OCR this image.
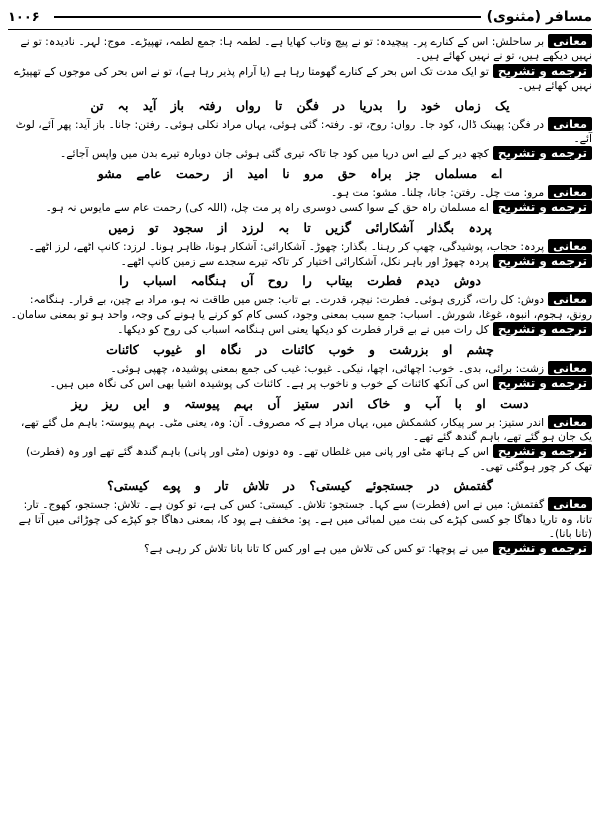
۱۰۰۶	مسافر (مثنوی)
معانیبر ساحلش: اس کے کنارے پر۔ پیچیدہ: تو نے پیچ وتاب کھایا ہے۔ لطمہ ہا: جمع لطمہ، تھپیڑے۔ موج: لہر۔ نادیدہ: تو نے نہیں دیکھے ہیں، تو نے نہیں کھائے ہیں۔
ترجمه و تشریحتو ایک مدت تک اس بحر کے کنارے گھومتا رہا ہے (یا آرام پذیر رہا ہے)، تو نے اس بحر کی موجوں کے تھپیڑے نہیں کھائے ہیں۔
یک زماں خود را بدریا در فگن تا رواں رفتہ باز آید بہ تن
معانیدر فگن: پھینک ڈال، کود جا۔ رواں: روح، تو۔ رفتہ: گئی ہوئی، یہاں مراد نکلی ہوئی۔ رفتن: جانا۔ باز آید: پھر آئے، لوٹ آئے۔
ترجمه و تشریحکچھ دیر کے لیے اس دریا میں کود جا تاکہ تیری گئی ہوئی جان دوبارہ تیرے بدن میں واپس آجائے۔
اے مسلماں جز براہ حق مرو نا امید از رحمت عامے مشو
معانیمرو: مت چل۔ رفتن: جانا، چلنا۔ مشو: مت ہو۔
ترجمه و تشریحاے مسلمان راہ حق کے سوا کسی دوسری راہ پر مت چل، (اللہ کی) رحمت عام سے مایوس نہ ہو۔
پردہ بگذار آشکارائی گزیں تا بہ لرزد از سجود تو زمیں
معانیپردہ: حجاب، پوشیدگی، چھپ کر رہنا۔ بگذار: چھوڑ۔ آشکارائی: آشکار ہونا، ظاہر ہونا۔ لرزد: کانپ اٹھے، لرز اٹھے۔
ترجمه و تشریحپردہ چھوڑ اور باہر نکل، آشکارائی اختیار کر تاکہ تیرے سجدے سے زمین کانپ اٹھے۔
دوش دیدم فطرت بیتاب را روح آں ہنگامہ اسباب را
معانیدوش: کل رات، گزری ہوئی۔ فطرت: نیچر، قدرت۔ بے تاب: جس میں طاقت نہ ہو، مراد بے چین، بے قرار۔ ہنگامہ: رونق، ہجوم، انبوہ، غوغا، شورش۔ اسباب: جمع سبب بمعنی وجود، کسی کام کو کرنے یا ہونے کی وجہ، واحد ہو تو بمعنی سامان۔
ترجمه و تشریحکل رات میں نے بے قرار فطرت کو دیکھا یعنی اس ہنگامہ اسباب کی روح کو دیکھا۔
چشم او بزرشت و خوب کائنات در نگاہ او غیوب کائنات
معانیزشت: برائی، بدی۔ خوب: اچھائی، اچھا، نیکی۔ غیوب: غیب کی جمع بمعنی پوشیدہ، چھپی ہوئی۔
ترجمه و تشریحاس کی آنکھ کائنات کے خوب و ناخوب پر ہے۔ کائنات کی پوشیدہ اشیا بھی اس کی نگاہ میں ہیں۔
دست او با آب و خاک اندر ستیز آں بہم پیوستہ و ایں ریز ریز
معانیاندر ستیز: بر سر پیکار، کشمکش میں، یہاں مراد ہے کہ مصروف۔ آن: وہ، یعنی مٹی۔ بہم پیوستہ: باہم مل گئے تھے، یک جان ہو گئے تھے، باہم گندھ گئے تھے۔
ترجمه و تشریحاس کے ہاتھ مٹی اور پانی میں غلطاں تھے۔ وہ دونوں (مٹی اور پانی) باہم گندھ گئے تھے اور وہ (فطرت) تھک کر چور ہوگئی تھی۔
گفتمش در جستجوئے کیستی؟ در تلاش تار و پوے کیستی؟
معانیگفتمش: میں نے اس (فطرت) سے کہا۔ جستجو: تلاش۔ کیستی: کس کی ہے، تو کون ہے۔ تلاش: جستجو، کھوج۔ تار: تانا، وہ تاریا دھاگا جو کسی کپڑے کی بنت میں لمبائی میں ہے۔ پو: مخفف ہے پود کا، بمعنی دھاگا جو کپڑے کی چوڑائی میں آتا ہے (تانا بانا)۔
ترجمه و تشریحمیں نے پوچھا: تو کس کی تلاش میں ہے اور کس کا تانا بانا تلاش کر رہی ہے؟
